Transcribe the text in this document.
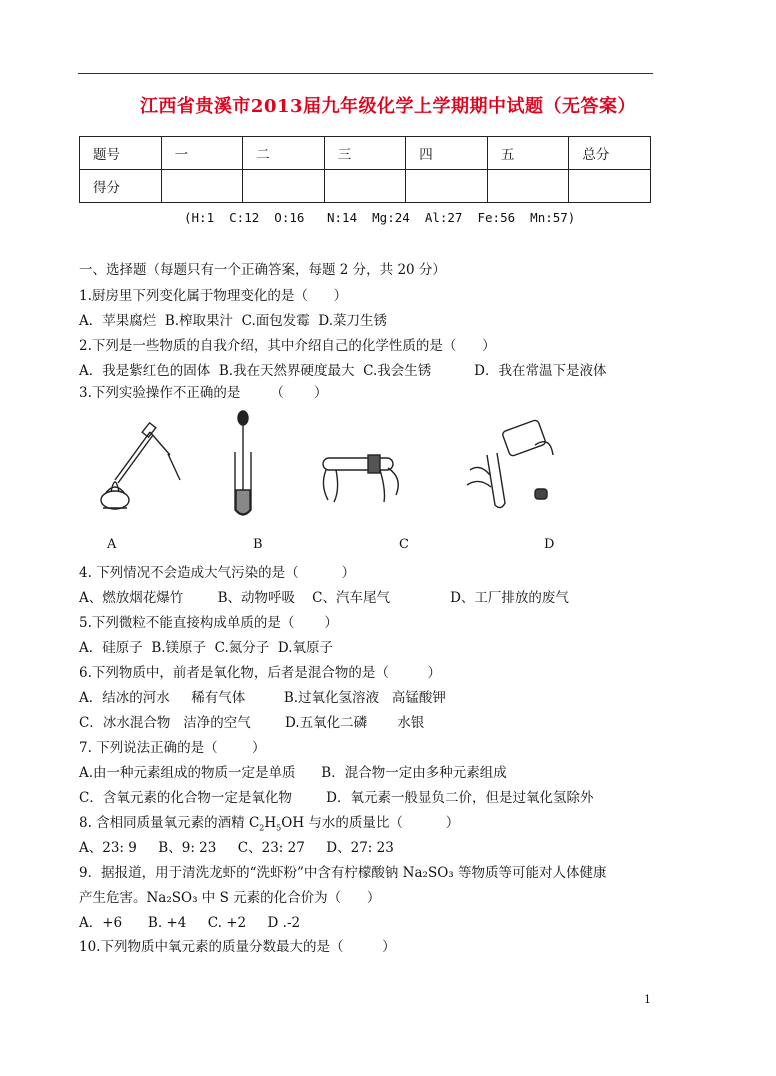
江西省贵溪市2013届九年级化学上学期期中试题（无答案）
题号	一	二	三	四	五	总分
得分						
(H:1  C:12  O:16   N:14  Mg:24  Al:27  Fe:56  Mn:57)
一、选择题（每题只有一个正确答案，每题 2 分，共 20 分）
1.厨房里下列变化属于物理变化的是（      ）
A．苹果腐烂  B.榨取果汁  C.面包发霉  D.菜刀生锈
2.下列是一些物质的自我介绍，其中介绍自己的化学性质的是（      ）
A．我是紫红色的固体  B.我在天然界硬度最大  C.我会生锈          D．我在常温下是液体
3.下列实验操作不正确的是       （       ）
A	B	C	D
4. 下列情况不会造成大气污染的是（          ）
A、燃放烟花爆竹        B、动物呼吸    C、汽车尾气              D、工厂排放的废气
5.下列微粒不能直接构成单质的是（       ）
A．硅原子  B.镁原子  C.氮分子  D.氧原子
6.下列物质中，前者是氧化物，后者是混合物的是（         ）
A．结冰的河水     稀有气体         B.过氧化氢溶液   高锰酸钾
C．冰水混合物   洁净的空气        D.五氧化二磷       水银
7. 下列说法正确的是（        ）
A.由一种元素组成的物质一定是单质      B．混合物一定由多种元素组成
C．含氧元素的化合物一定是氧化物        D．氧元素一般显负二价，但是过氧化氢除外
8. 含相同质量氧元素的酒精 $C_2H_5OH$ 与水的质量比（          ）
A、23: 9     B、9: 23     C、23: 27     D、27: 23
9．据报道，用于清洗龙虾的“洗虾粉”中含有柠檬酸钠 Na₂SO₃ 等物质等可能对人体健康
产生危害。Na₂SO₃ 中 S 元素的化合价为（      ）
A．+6      B. +4     C. +2     D .-2
10.下列物质中氧元素的质量分数最大的是（         ）
1
